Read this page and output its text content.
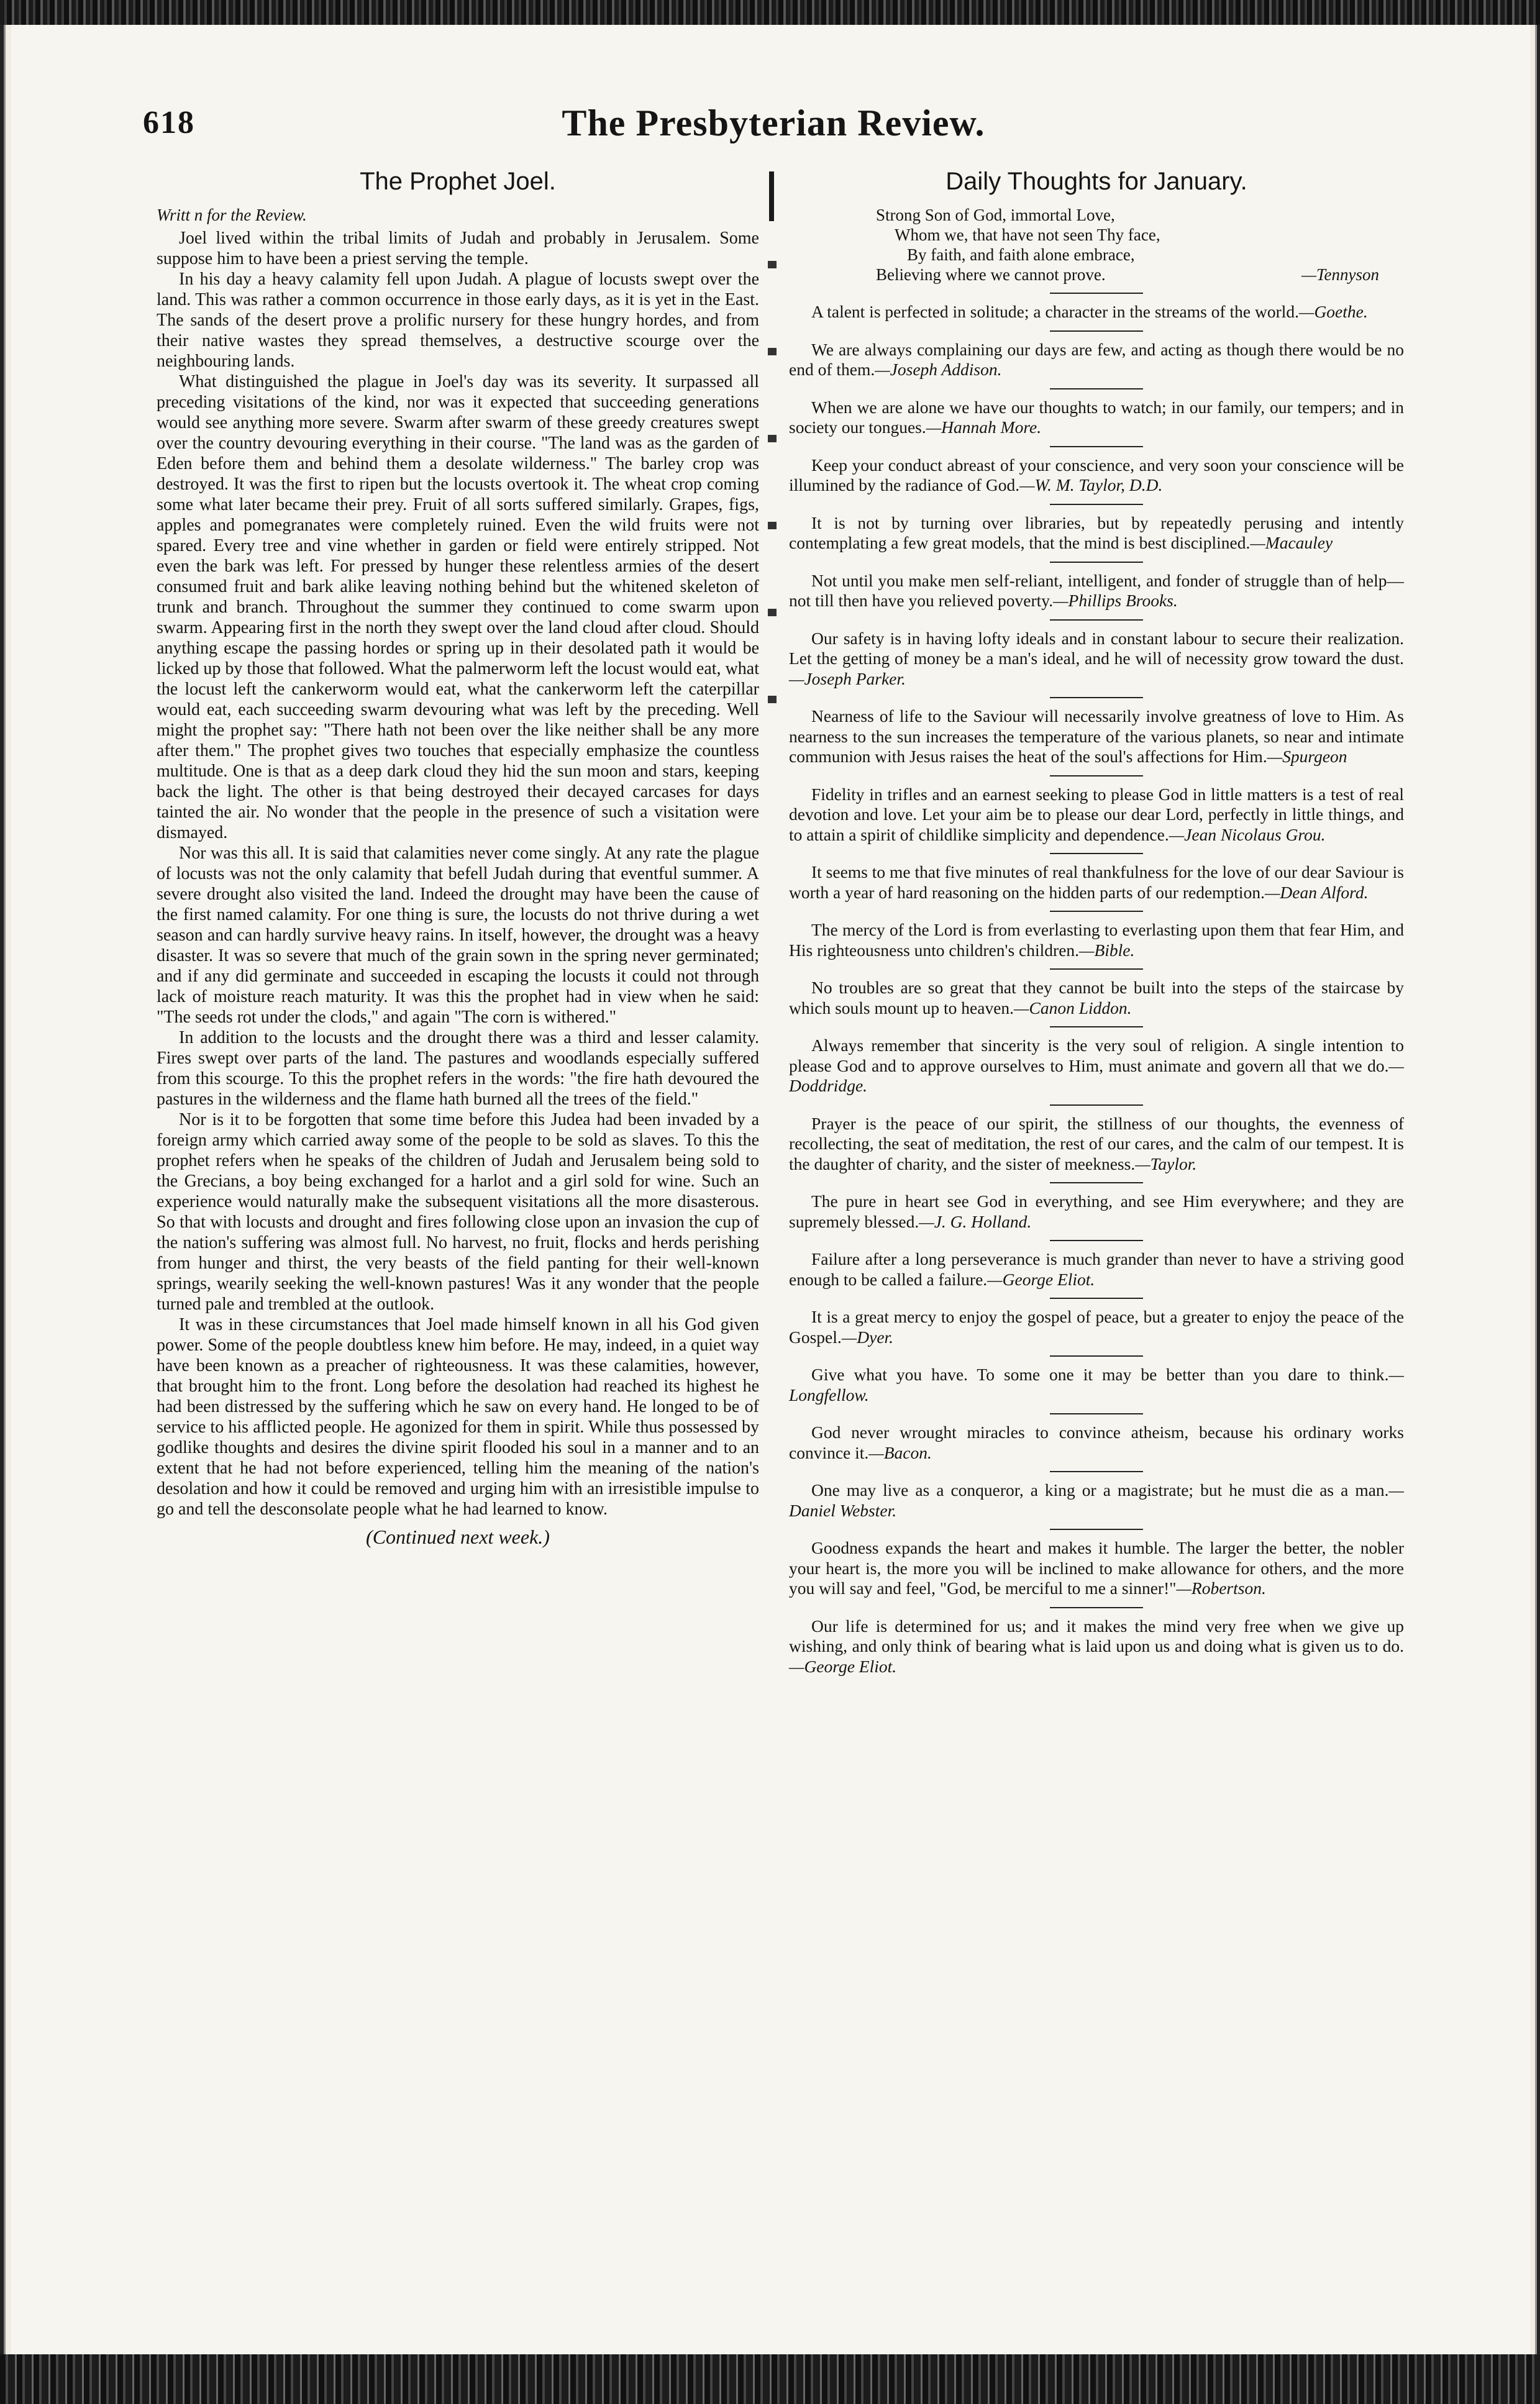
618	The Presbyterian Review.
The Prophet Joel.
Writt n for the Review.

Joel lived within the tribal limits of Judah and probably in Jerusalem. Some suppose him to have been a priest serving the temple.

In his day a heavy calamity fell upon Judah. A plague of locusts swept over the land. This was rather a common occurrence in those early days, as it is yet in the East. The sands of the desert prove a prolific nursery for these hungry hordes, and from their native wastes they spread themselves, a destructive scourge over the neighbouring lands.

What distinguished the plague in Joel's day was its severity. It surpassed all preceding visitations of the kind, nor was it expected that succeeding generations would see anything more severe. Swarm after swarm of these greedy creatures swept over the country devouring everything in their course. "The land was as the garden of Eden before them and behind them a desolate wilderness." The barley crop was destroyed. It was the first to ripen but the locusts overtook it. The wheat crop coming some what later became their prey. Fruit of all sorts suffered similarly. Grapes, figs, apples and pomegranates were completely ruined. Even the wild fruits were not spared. Every tree and vine whether in garden or field were entirely stripped. Not even the bark was left. For pressed by hunger these relentless armies of the desert consumed fruit and bark alike leaving nothing behind but the whitened skeleton of trunk and branch. Throughout the summer they continued to come swarm upon swarm. Appearing first in the north they swept over the land cloud after cloud. Should anything escape the passing hordes or spring up in their desolated path it would be licked up by those that followed. What the palmerworm left the locust would eat, what the locust left the cankerworm would eat, what the cankerworm left the caterpillar would eat, each succeeding swarm devouring what was left by the preceding. Well might the prophet say: "There hath not been over the like neither shall be any more after them." The prophet gives two touches that especially emphasize the countless multitude. One is that as a deep dark cloud they hid the sun moon and stars, keeping back the light. The other is that being destroyed their decayed carcases for days tainted the air. No wonder that the people in the presence of such a visitation were dismayed.

Nor was this all. It is said that calamities never come singly. At any rate the plague of locusts was not the only calamity that befell Judah during that eventful summer. A severe drought also visited the land. Indeed the drought may have been the cause of the first named calamity. For one thing is sure, the locusts do not thrive during a wet season and can hardly survive heavy rains. In itself, however, the drought was a heavy disaster. It was so severe that much of the grain sown in the spring never germinated; and if any did germinate and succeeded in escaping the locusts it could not through lack of moisture reach maturity. It was this the prophet had in view when he said: "The seeds rot under the clods," and again "The corn is withered."

In addition to the locusts and the drought there was a third and lesser calamity. Fires swept over parts of the land. The pastures and woodlands especially suffered from this scourge. To this the prophet refers in the words: "the fire hath devoured the pastures in the wilderness and the flame hath burned all the trees of the field."

Nor is it to be forgotten that some time before this Judea had been invaded by a foreign army which carried away some of the people to be sold as slaves. To this the prophet refers when he speaks of the children of Judah and Jerusalem being sold to the Grecians, a boy being exchanged for a harlot and a girl sold for wine. Such an experience would naturally make the subsequent visitations all the more disasterous. So that with locusts and drought and fires following close upon an invasion the cup of the nation's suffering was almost full. No harvest, no fruit, flocks and herds perishing from hunger and thirst, the very beasts of the field panting for their well-known springs, wearily seeking the well-known pastures! Was it any wonder that the people turned pale and trembled at the outlook.

It was in these circumstances that Joel made himself known in all his God given power. Some of the people doubtless knew him before. He may, indeed, in a quiet way have been known as a preacher of righteousness. It was these calamities, however, that brought him to the front. Long before the desolation had reached its highest he had been distressed by the suffering which he saw on every hand. He longed to be of service to his afflicted people. He agonized for them in spirit. While thus possessed by godlike thoughts and desires the divine spirit flooded his soul in a manner and to an extent that he had not before experienced, telling him the meaning of the nation's desolation and how it could be removed and urging him with an irresistible impulse to go and tell the desconsolate people what he had learned to know.

(Continued next week.)

Daily Thoughts for January.
Strong Son of God, immortal Love,
Whom we, that have not seen Thy face,
By faith, and faith alone embrace,
Believing where we cannot prove.	—Tennyson

A talent is perfected in solitude; a character in the streams of the world.—Goethe.

We are always complaining our days are few, and acting as though there would be no end of them.—Joseph Addison.

When we are alone we have our thoughts to watch; in our family, our tempers; and in society our tongues.—Hannah More.

Keep your conduct abreast of your conscience, and very soon your conscience will be illumined by the radiance of God.—W. M. Taylor, D.D.

It is not by turning over libraries, but by repeatedly perusing and intently contemplating a few great models, that the mind is best disciplined.—Macauley

Not until you make men self-reliant, intelligent, and fonder of struggle than of help—not till then have you relieved poverty.—Phillips Brooks.

Our safety is in having lofty ideals and in constant labour to secure their realization. Let the getting of money be a man's ideal, and he will of necessity grow toward the dust.—Joseph Parker.

Nearness of life to the Saviour will necessarily involve greatness of love to Him. As nearness to the sun increases the temperature of the various planets, so near and intimate communion with Jesus raises the heat of the soul's affections for Him.—Spurgeon

Fidelity in trifles and an earnest seeking to please God in little matters is a test of real devotion and love. Let your aim be to please our dear Lord, perfectly in little things, and to attain a spirit of childlike simplicity and dependence.—Jean Nicolaus Grou.

It seems to me that five minutes of real thankfulness for the love of our dear Saviour is worth a year of hard reasoning on the hidden parts of our redemption.—Dean Alford.

The mercy of the Lord is from everlasting to everlasting upon them that fear Him, and His righteousness unto children's children.—Bible.

No troubles are so great that they cannot be built into the steps of the staircase by which souls mount up to heaven.—Canon Liddon.

Always remember that sincerity is the very soul of religion. A single intention to please God and to approve ourselves to Him, must animate and govern all that we do.—Doddridge.

Prayer is the peace of our spirit, the stillness of our thoughts, the evenness of recollecting, the seat of meditation, the rest of our cares, and the calm of our tempest. It is the daughter of charity, and the sister of meekness.—Taylor.

The pure in heart see God in everything, and see Him everywhere; and they are supremely blessed.—J. G. Holland.

Failure after a long perseverance is much grander than never to have a striving good enough to be called a failure.—George Eliot.

It is a great mercy to enjoy the gospel of peace, but a greater to enjoy the peace of the Gospel.—Dyer.

Give what you have. To some one it may be better than you dare to think.—Longfellow.

God never wrought miracles to convince atheism, because his ordinary works convince it.—Bacon.

One may live as a conqueror, a king or a magistrate; but he must die as a man.—Daniel Webster.

Goodness expands the heart and makes it humble. The larger the better, the nobler your heart is, the more you will be inclined to make allowance for others, and the more you will say and feel, "God, be merciful to me a sinner!"—Robertson.

Our life is determined for us; and it makes the mind very free when we give up wishing, and only think of bearing what is laid upon us and doing what is given us to do.—George Eliot.
